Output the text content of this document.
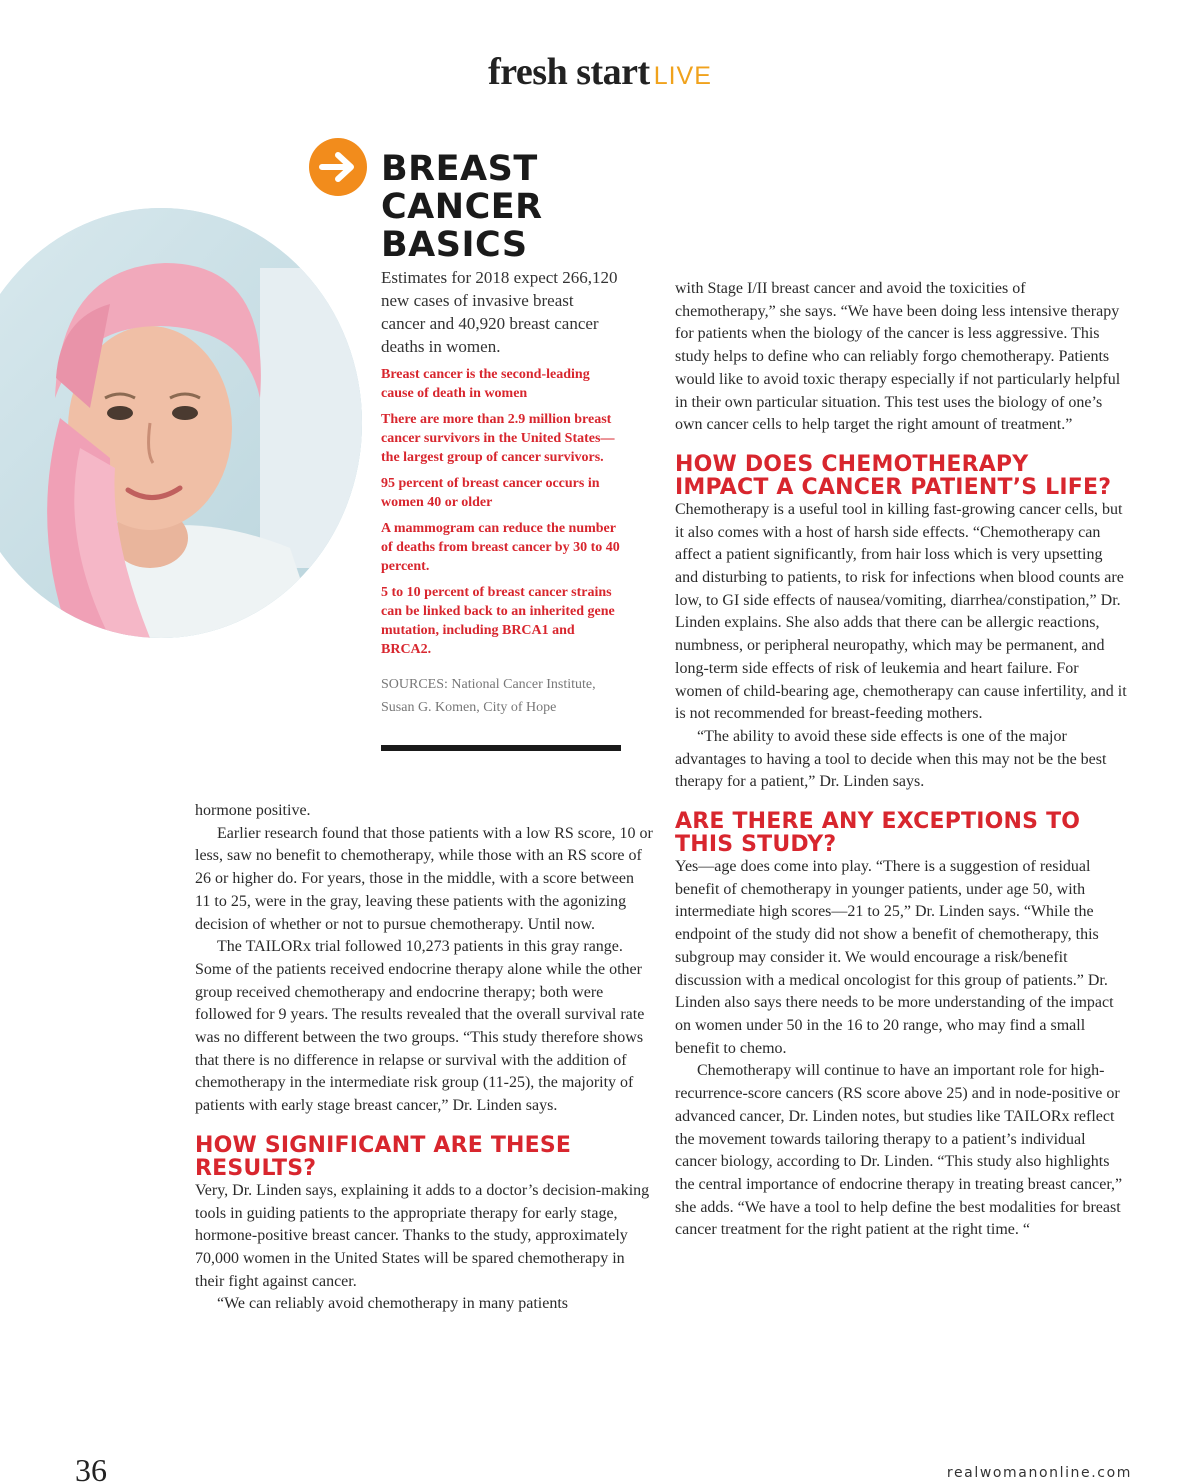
fresh start LIVE
BREAST CANCER BASICS

Estimates for 2018 expect 266,120 new cases of invasive breast cancer and 40,920 breast cancer deaths in women.

Breast cancer is the second-leading cause of death in women

There are more than 2.9 million breast cancer survivors in the United States—the largest group of cancer survivors.

95 percent of breast cancer occurs in women 40 or older

A mammogram can reduce the number of deaths from breast cancer by 30 to 40 percent.

5 to 10 percent of breast cancer strains can be linked back to an inherited gene mutation, including BRCA1 and BRCA2.

SOURCES: National Cancer Institute, Susan G. Komen, City of Hope

hormone positive.

Earlier research found that those patients with a low RS score, 10 or less, saw no benefit to chemotherapy, while those with an RS score of 26 or higher do. For years, those in the middle, with a score between 11 to 25, were in the gray, leaving these patients with the agonizing decision of whether or not to pursue chemotherapy. Until now.

The TAILORx trial followed 10,273 patients in this gray range. Some of the patients received endocrine therapy alone while the other group received chemotherapy and endocrine therapy; both were followed for 9 years. The results revealed that the overall survival rate was no different between the two groups. “This study therefore shows that there is no difference in relapse or survival with the addition of chemotherapy in the intermediate risk group (11-25), the majority of patients with early stage breast cancer,” Dr. Linden says.

HOW SIGNIFICANT ARE THESE RESULTS?

Very, Dr. Linden says, explaining it adds to a doctor’s decision-making tools in guiding patients to the appropriate therapy for early stage, hormone-positive breast cancer. Thanks to the study, approximately 70,000 women in the United States will be spared chemotherapy in their fight against cancer.

“We can reliably avoid chemotherapy in many patients

with Stage I/II breast cancer and avoid the toxicities of chemotherapy,” she says. “We have been doing less intensive therapy for patients when the biology of the cancer is less aggressive. This study helps to define who can reliably forgo chemotherapy. Patients would like to avoid toxic therapy especially if not particularly helpful in their own particular situation. This test uses the biology of one’s own cancer cells to help target the right amount of treatment.”

HOW DOES CHEMOTHERAPY IMPACT A CANCER PATIENT’S LIFE?

Chemotherapy is a useful tool in killing fast-growing cancer cells, but it also comes with a host of harsh side effects. “Chemotherapy can affect a patient significantly, from hair loss which is very upsetting and disturbing to patients, to risk for infections when blood counts are low, to GI side effects of nausea/vomiting, diarrhea/constipation,” Dr. Linden explains. She also adds that there can be allergic reactions, numbness, or peripheral neuropathy, which may be permanent, and long-term side effects of risk of leukemia and heart failure. For women of child-bearing age, chemotherapy can cause infertility, and it is not recommended for breast-feeding mothers.

“The ability to avoid these side effects is one of the major advantages to having a tool to decide when this may not be the best therapy for a patient,” Dr. Linden says.

ARE THERE ANY EXCEPTIONS TO THIS STUDY?

Yes—age does come into play. “There is a suggestion of residual benefit of chemotherapy in younger patients, under age 50, with intermediate high scores—21 to 25,” Dr. Linden says. “While the endpoint of the study did not show a benefit of chemotherapy, this subgroup may consider it. We would encourage a risk/benefit discussion with a medical oncologist for this group of patients.” Dr. Linden also says there needs to be more understanding of the impact on women under 50 in the 16 to 20 range, who may find a small benefit to chemo.

Chemotherapy will continue to have an important role for high-recurrence-score cancers (RS score above 25) and in node-positive or advanced cancer, Dr. Linden notes, but studies like TAILORx reflect the movement towards tailoring therapy to a patient’s individual cancer biology, according to Dr. Linden. “This study also highlights the central importance of endocrine therapy in treating breast cancer,” she adds. “We have a tool to help define the best modalities for breast cancer treatment for the right patient at the right time. “

36	realwomanonline.com
